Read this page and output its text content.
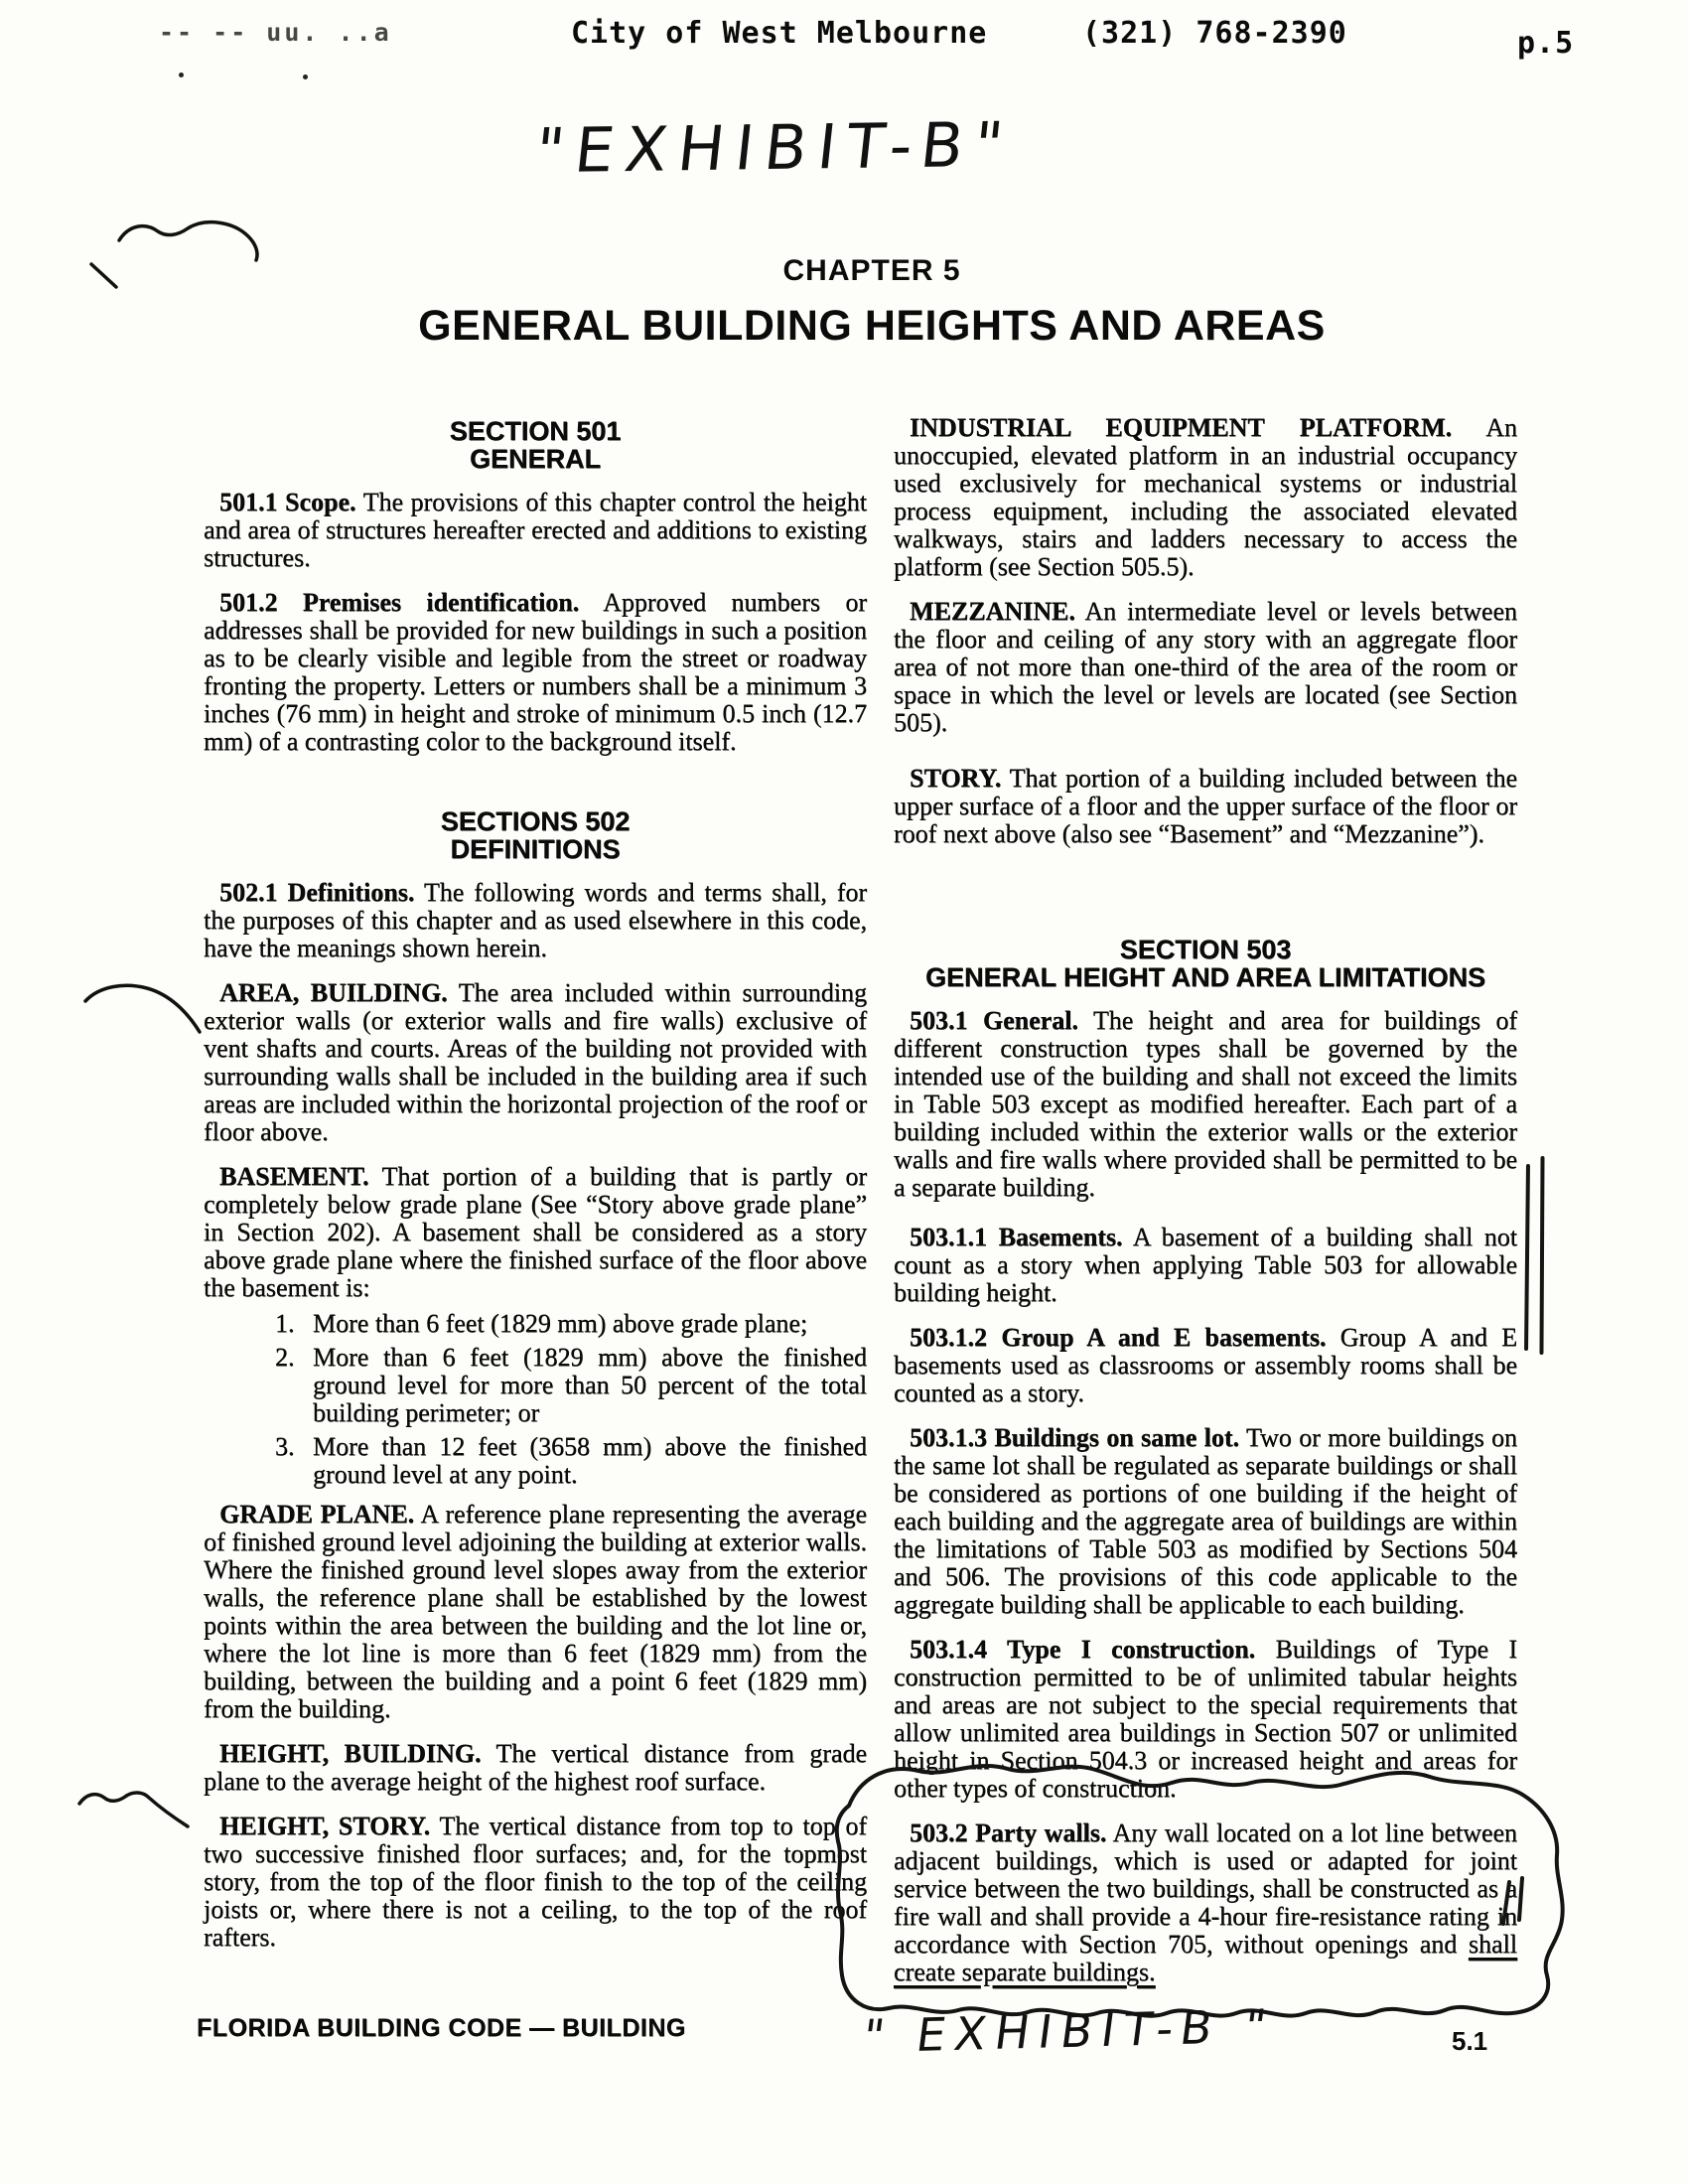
-- -- uu. ..a	City of West Melbourne	(321) 768-2390	p.5
"EXHIBIT-B"
CHAPTER 5
GENERAL BUILDING HEIGHTS AND AREAS
SECTION 501
GENERAL

501.1 Scope. The provisions of this chapter control the height and area of structures hereafter erected and additions to existing structures.

501.2 Premises identification. Approved numbers or addresses shall be provided for new buildings in such a position as to be clearly visible and legible from the street or roadway fronting the property. Letters or numbers shall be a minimum 3 inches (76 mm) in height and stroke of minimum 0.5 inch (12.7 mm) of a contrasting color to the background itself.

SECTIONS 502
DEFINITIONS

502.1 Definitions. The following words and terms shall, for the purposes of this chapter and as used elsewhere in this code, have the meanings shown herein.

AREA, BUILDING. The area included within surrounding exterior walls (or exterior walls and fire walls) exclusive of vent shafts and courts. Areas of the building not provided with surrounding walls shall be included in the building area if such areas are included within the horizontal projection of the roof or floor above.

BASEMENT. That portion of a building that is partly or completely below grade plane (See “Story above grade plane” in Section 202). A basement shall be considered as a story above grade plane where the finished surface of the floor above the basement is:

1. More than 6 feet (1829 mm) above grade plane;
2. More than 6 feet (1829 mm) above the finished ground level for more than 50 percent of the total building perimeter; or
3. More than 12 feet (3658 mm) above the finished ground level at any point.

GRADE PLANE. A reference plane representing the average of finished ground level adjoining the building at exterior walls. Where the finished ground level slopes away from the exterior walls, the reference plane shall be established by the lowest points within the area between the building and the lot line or, where the lot line is more than 6 feet (1829 mm) from the building, between the building and a point 6 feet (1829 mm) from the building.

HEIGHT, BUILDING. The vertical distance from grade plane to the average height of the highest roof surface.

HEIGHT, STORY. The vertical distance from top to top of two successive finished floor surfaces; and, for the topmost story, from the top of the floor finish to the top of the ceiling joists or, where there is not a ceiling, to the top of the roof rafters.

INDUSTRIAL EQUIPMENT PLATFORM. An unoccupied, elevated platform in an industrial occupancy used exclusively for mechanical systems or industrial process equipment, including the associated elevated walkways, stairs and ladders necessary to access the platform (see Section 505.5).

MEZZANINE. An intermediate level or levels between the floor and ceiling of any story with an aggregate floor area of not more than one-third of the area of the room or space in which the level or levels are located (see Section 505).

STORY. That portion of a building included between the upper surface of a floor and the upper surface of the floor or roof next above (also see “Basement” and “Mezzanine”).

SECTION 503
GENERAL HEIGHT AND AREA LIMITATIONS

503.1 General. The height and area for buildings of different construction types shall be governed by the intended use of the building and shall not exceed the limits in Table 503 except as modified hereafter. Each part of a building included within the exterior walls or the exterior walls and fire walls where provided shall be permitted to be a separate building.

503.1.1 Basements. A basement of a building shall not count as a story when applying Table 503 for allowable building height.

503.1.2 Group A and E basements. Group A and E basements used as classrooms or assembly rooms shall be counted as a story.

503.1.3 Buildings on same lot. Two or more buildings on the same lot shall be regulated as separate buildings or shall be considered as portions of one building if the height of each building and the aggregate area of buildings are within the limitations of Table 503 as modified by Sections 504 and 506. The provisions of this code applicable to the aggregate building shall be applicable to each building.

503.1.4 Type I construction. Buildings of Type I construction permitted to be of unlimited tabular heights and areas are not subject to the special requirements that allow unlimited area buildings in Section 507 or unlimited height in Section 504.3 or increased height and areas for other types of construction.

503.2 Party walls. Any wall located on a lot line between adjacent buildings, which is used or adapted for joint service between the two buildings, shall be constructed as a fire wall and shall provide a 4-hour fire-resistance rating in accordance with Section 705, without openings and shall create separate buildings.

FLORIDA BUILDING CODE — BUILDING	5.1
" EXHIBIT-B "
